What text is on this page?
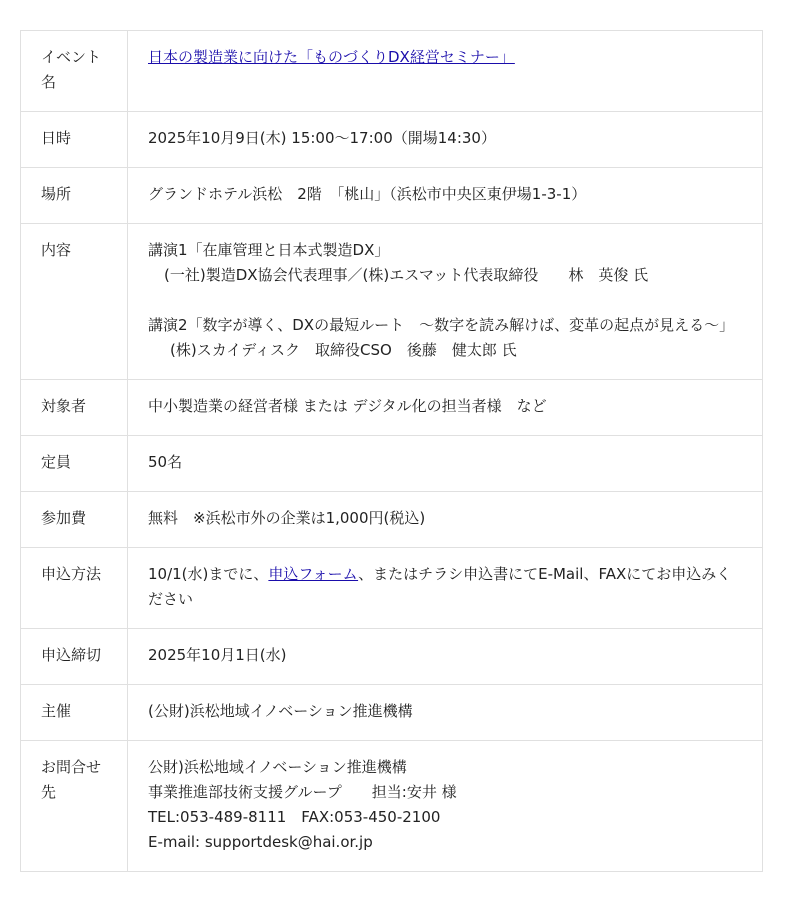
イベント名	日本の製造業に向けた「ものづくりDX経営セミナー」
日時	2025年10月9日(木) 15:00〜17:00（開場14:30）
場所	グランドホテル浜松　2階　「桃山」（浜松市中央区東伊場1-3-1）
内容	講演1「在庫管理と日本式製造DX」
(一社)製造DX協会代表理事／(株)エスマット代表取締役　　林　英俊 氏
講演2「数字が導く、DXの最短ルート　〜数字を読み解けば、変革の起点が見える〜」
(株)スカイディスク　取締役CSO　後藤　健太郎 氏

対象者	中小製造業の経営者様 または デジタル化の担当者様　など
定員	50名
参加費	無料　※浜松市外の企業は1,000円(税込)
申込方法	10/1(水)までに、申込フォーム、またはチラシ申込書にてE-Mail、FAXにてお申込みください
申込締切	2025年10月1日(水)
主催	(公財)浜松地域イノベーション推進機構
お問合せ先	公財)浜松地域イノベーション推進機構
事業推進部技術支援グループ　　担当:安井 様
TEL:053-489-8111　FAX:053-450-2100
E-mail: supportdesk@hai.or.jp
